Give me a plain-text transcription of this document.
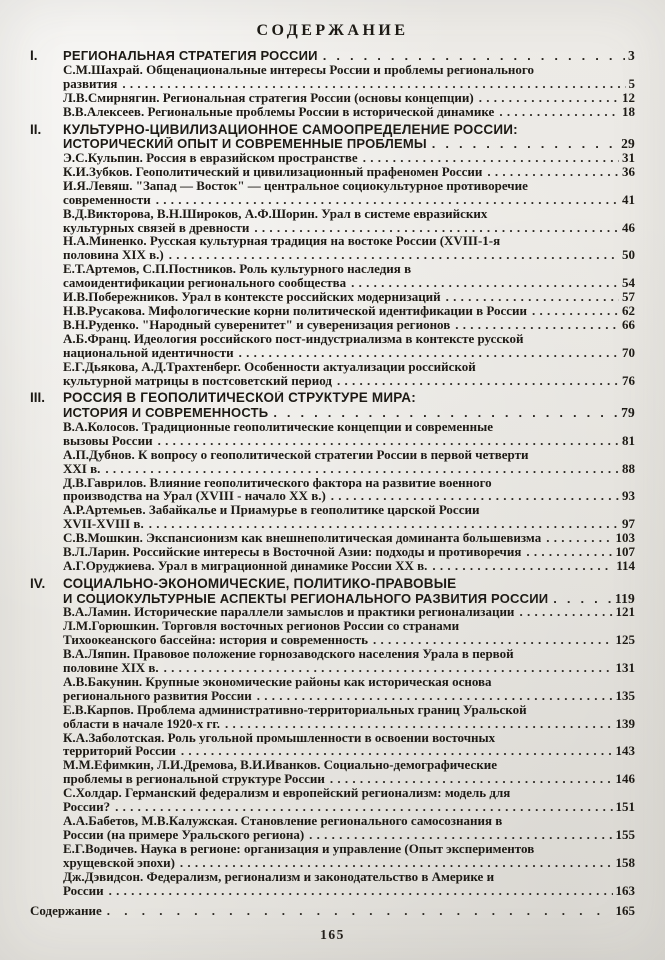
СОДЕРЖАНИЕ
I.	РЕГИОНАЛЬНАЯ СТРАТЕГИЯ РОССИИ . . .	3
С.М.Шахрай. Общенациональные интересы России и проблемы регионального
развития . . .	5
Л.В.Смирнягин. Региональная стратегия России (основы концепции) . . .	12
В.В.Алексеев. Региональные проблемы России в исторической динамике . . .	18
II.	КУЛЬТУРНО-ЦИВИЛИЗАЦИОННОЕ САМООПРЕДЕЛЕНИЕ РОССИИ:
ИСТОРИЧЕСКИЙ ОПЫТ И СОВРЕМЕННЫЕ ПРОБЛЕМЫ . . .	29
Э.С.Кульпин. Россия в евразийском пространстве . . .	31
К.И.Зубков. Геополитический и цивилизационный прафеномен России . . .	36
И.Я.Левяш. "Запад — Восток" — центральное социокультурное противоречие
современности . . .	41
В.Д.Викторова, В.Н.Широков, А.Ф.Шорин. Урал в системе евразийских
культурных связей в древности . . .	46
Н.А.Миненко. Русская культурная традиция на востоке России (XVIII-1-я
половина XIX в.) . . .	50
Е.Т.Артемов, С.П.Постников. Роль культурного наследия в
самоидентификации регионального сообщества . . .	54
И.В.Побережников. Урал в контексте российских модернизаций . . .	57
Н.В.Русакова. Мифологические корни политической идентификации в России . . .	62
В.Н.Руденко. "Народный суверенитет" и суверенизация регионов . . .	66
А.Б.Франц. Идеология российского пост-индустриализма в контексте русской
национальной идентичности . . .	70
Е.Г.Дьякова, А.Д.Трахтенберг. Особенности актуализации российской
культурной матрицы в постсоветский период . . .	76
III.	РОССИЯ В ГЕОПОЛИТИЧЕСКОЙ СТРУКТУРЕ МИРА:
ИСТОРИЯ И СОВРЕМЕННОСТЬ . . .	79
В.А.Колосов. Традиционные геополитические концепции и современные
вызовы России . . .	81
А.П.Дубнов. К вопросу о геополитической стратегии России в первой четверти
XXI в. . . .	88
Д.В.Гаврилов. Влияние геополитического фактора на развитие военного
производства на Урал (XVIII - начало XX в.) . . .	93
А.Р.Артемьев. Забайкалье и Приамурье в геополитике царской России
XVII-XVIII в. . . .	97
С.В.Мошкин. Экспансионизм как внешнеполитическая доминанта большевизма . . .	103
В.Л.Ларин. Российские интересы в Восточной Азии: подходы и противоречия . . .	107
А.Г.Оруджиева. Урал в миграционной динамике России XX в. . . .	114
IV.	СОЦИАЛЬНО-ЭКОНОМИЧЕСКИЕ, ПОЛИТИКО-ПРАВОВЫЕ
И СОЦИОКУЛЬТУРНЫЕ АСПЕКТЫ РЕГИОНАЛЬНОГО РАЗВИТИЯ РОССИИ . . .	119
В.А.Ламин. Исторические параллели замыслов и практики регионализации . . .	121
Л.М.Горюшкин. Торговля восточных регионов России со странами
Тихоокеанского бассейна: история и современность . . .	125
В.А.Ляпин. Правовое положение горнозаводского населения Урала в первой
половине XIX в. . . .	131
А.В.Бакунин. Крупные экономические районы как историческая основа
регионального развития России . . .	135
Е.В.Карпов. Проблема административно-территориальных границ Уральской
области в начале 1920-х гг. . . .	139
К.А.Заболотская. Роль угольной промышленности в освоении восточных
территорий России . . .	143
М.М.Ефимкин, Л.И.Дремова, В.И.Иванков. Социально-демографические
проблемы в региональной структуре России . . .	146
С.Холдар. Германский федерализм и европейский регионализм: модель для
России? . . .	151
А.А.Бабетов, М.В.Калужская. Становление регионального самосознания в
России (на примере Уральского региона) . . .	155
Е.Г.Водичев. Наука в регионе: организация и управление (Опыт экспериментов
хрущевской эпохи) . . .	158
Дж.Дэвидсон. Федерализм, регионализм и законодательство в Америке и
России . . .	163
Содержание . . .	165
165
